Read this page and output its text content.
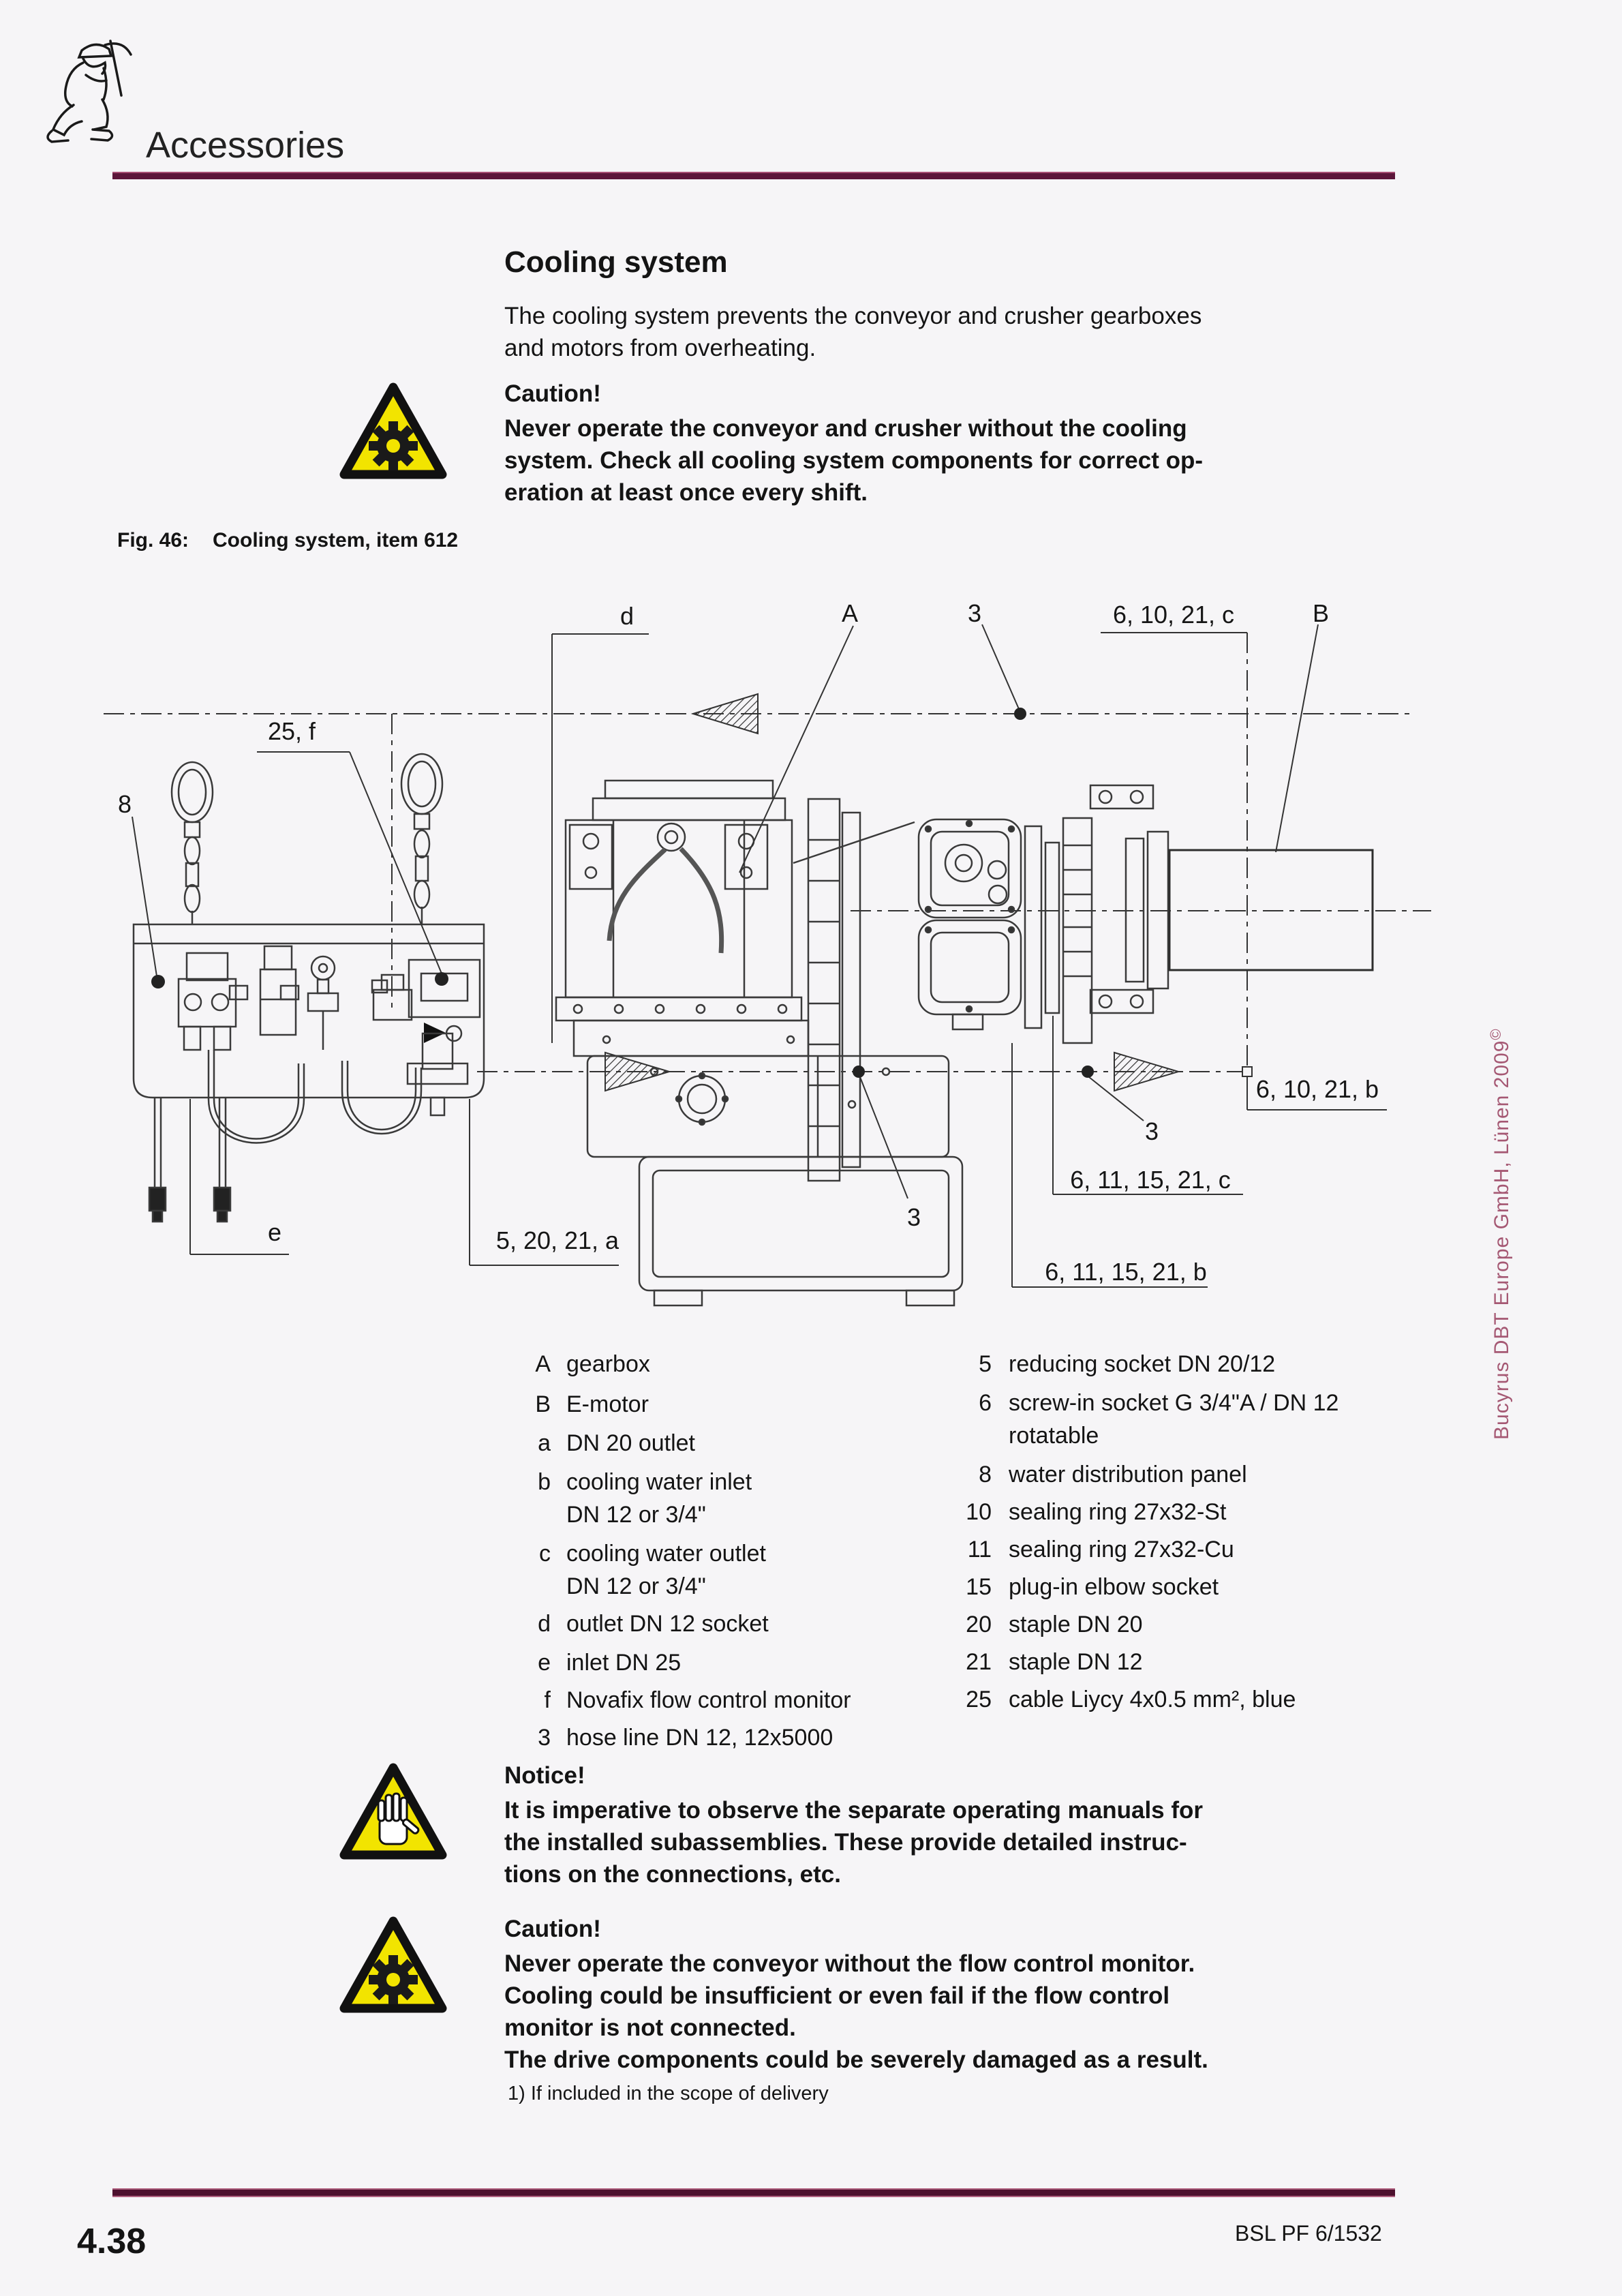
Accessories
Cooling system
The cooling system prevents the conveyor and crusher gearboxes
and motors from overheating.
Caution!
Never operate the conveyor and crusher without the cooling
system. Check all cooling system components for correct op-
eration at least once every shift.
Fig. 46: Cooling system, item 612
d	A	3	6, 10, 21, c	B
25, f
8
6, 10, 21, b
3
3
5, 20, 21, a
6, 11, 15, 21, c
e
6, 11, 15, 21, b
A gearbox
B E-motor
a DN 20 outlet
b cooling water inlet
DN 12 or 3/4"
c cooling water outlet
DN 12 or 3/4"
d outlet DN 12 socket
e inlet DN 25
f Novafix flow control monitor
3 hose line DN 12, 12x5000
5 reducing socket DN 20/12
6 screw-in socket G 3/4"A / DN 12
rotatable
8 water distribution panel
10 sealing ring 27x32-St
11 sealing ring 27x32-Cu
15 plug-in elbow socket
20 staple DN 20
21 staple DN 12
25 cable Liycy 4x0.5 mm², blue
Notice!
It is imperative to observe the separate operating manuals for
the installed subassemblies. These provide detailed instruc-
tions on the connections, etc.
Caution!
Never operate the conveyor without the flow control monitor.
Cooling could be insufficient or even fail if the flow control
monitor is not connected.
The drive components could be severely damaged as a result.
1) If included in the scope of delivery
Bucyrus DBT Europe GmbH, Lünen 2009©
4.38	BSL PF 6/1532
